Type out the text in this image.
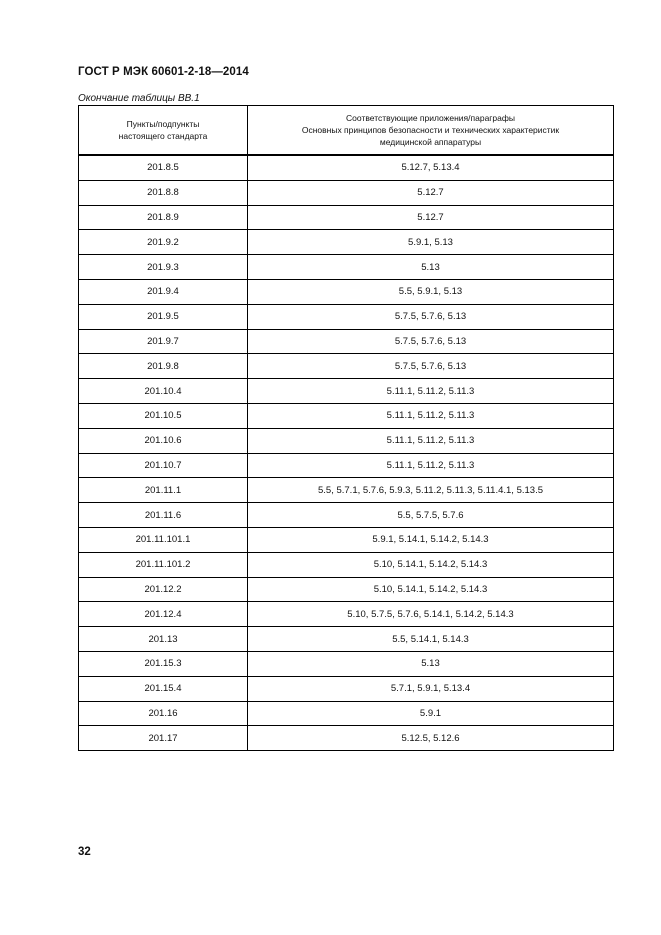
ГОСТ Р МЭК 60601-2-18—2014
Окончание таблицы ВВ.1
Пункты/подпункты
настоящего стандарта	Соответствующие приложения/параграфы
Основных принципов безопасности и технических характеристик
медицинской аппаратуры

201.8.5	5.12.7, 5.13.4
201.8.8	5.12.7
201.8.9	5.12.7
201.9.2	5.9.1, 5.13
201.9.3	5.13
201.9.4	5.5, 5.9.1, 5.13
201.9.5	5.7.5, 5.7.6, 5.13
201.9.7	5.7.5, 5.7.6, 5.13
201.9.8	5.7.5, 5.7.6, 5.13
201.10.4	5.11.1, 5.11.2, 5.11.3
201.10.5	5.11.1, 5.11.2, 5.11.3
201.10.6	5.11.1, 5.11.2, 5.11.3
201.10.7	5.11.1, 5.11.2, 5.11.3
201.11.1	5.5, 5.7.1, 5.7.6, 5.9.3, 5.11.2, 5.11.3, 5.11.4.1, 5.13.5
201.11.6	5.5, 5.7.5, 5.7.6
201.11.101.1	5.9.1, 5.14.1, 5.14.2, 5.14.3
201.11.101.2	5.10, 5.14.1, 5.14.2, 5.14.3
201.12.2	5.10, 5.14.1, 5.14.2, 5.14.3
201.12.4	5.10, 5.7.5, 5.7.6, 5.14.1, 5.14.2, 5.14.3
201.13	5.5, 5.14.1, 5.14.3
201.15.3	5.13
201.15.4	5.7.1, 5.9.1, 5.13.4
201.16	5.9.1
201.17	5.12.5, 5.12.6
32
